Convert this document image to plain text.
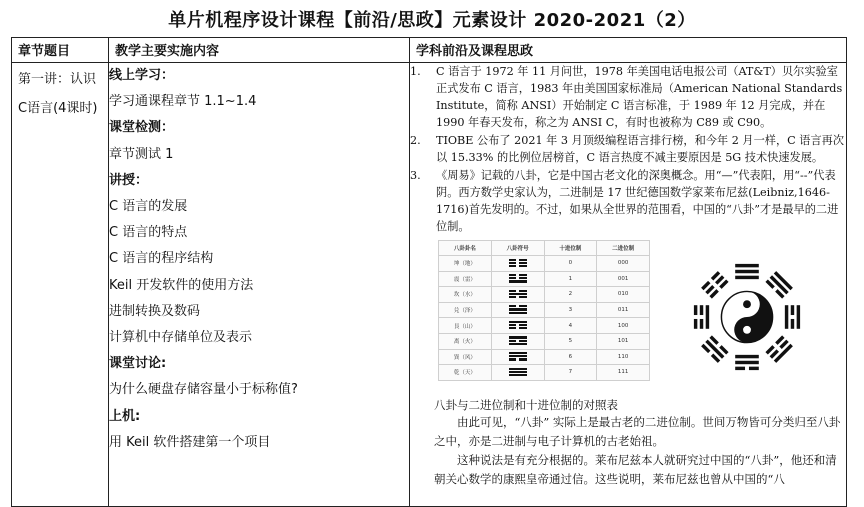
单片机程序设计课程【前沿/思政】元素设计 2020-2021（2）
章节题目	教学主要实施内容	学科前沿及课程思政

第一讲：认识C语言(4课时)

线上学习：
学习通课程章节 1.1~1.4
课堂检测：
章节测试 1
讲授：
C 语言的发展
C 语言的特点
C 语言的程序结构
Keil 开发软件的使用方法
进制转换及数码
计算机中存储单位及表示
课堂讨论:
为什么硬盘存储容量小于标称值?
上机:
用 Keil 软件搭建第一个项目

1. C 语言于 1972 年 11 月问世，1978 年美国电话电报公司（AT&T）贝尔实验室正式发布 C 语言，1983 年由美国国家标准局（American National Standards Institute，简称 ANSI）开始制定 C 语言标准，于 1989 年 12 月完成，并在 1990 年春天发布，称之为 ANSI C，有时也被称为 C89 或 C90。
2. TIOBE 公布了 2021 年 3 月顶级编程语言排行榜，和今年 2 月一样，C 语言再次以 15.33% 的比例位居榜首，C 语言热度不减主要原因是 5G 技术快速发展。
3. 《周易》记载的八卦，它是中国古老文化的深奥概念。用“—”代表阳，用“--”代表阴。西方数学史家认为，二进制是 17 世纪德国数学家莱布尼兹(Leibniz,1646-1716)首先发明的。不过，如果从全世界的范围看，中国的“八卦”才是最早的二进位制。
八卦卦名	八卦符号	十进位制	二进位制
坤（地）		0	000
震（雷）		1	001
坎（水）		2	010
兑（泽）		3	011
艮（山）		4	100
离（火）		5	101
巽（风）		6	110
乾（天）		7	111
八卦与二进位制和十进位制的对照表
由此可见，“八卦” 实际上是最古老的二进位制。世间万物皆可分类归至八卦之中，亦是二进制与电子计算机的古老始祖。
这种说法是有充分根据的。莱布尼兹本人就研究过中国的“八卦”，他还和清朝关心数学的康熙皇帝通过信。这些说明，莱布尼兹也曾从中国的“八
